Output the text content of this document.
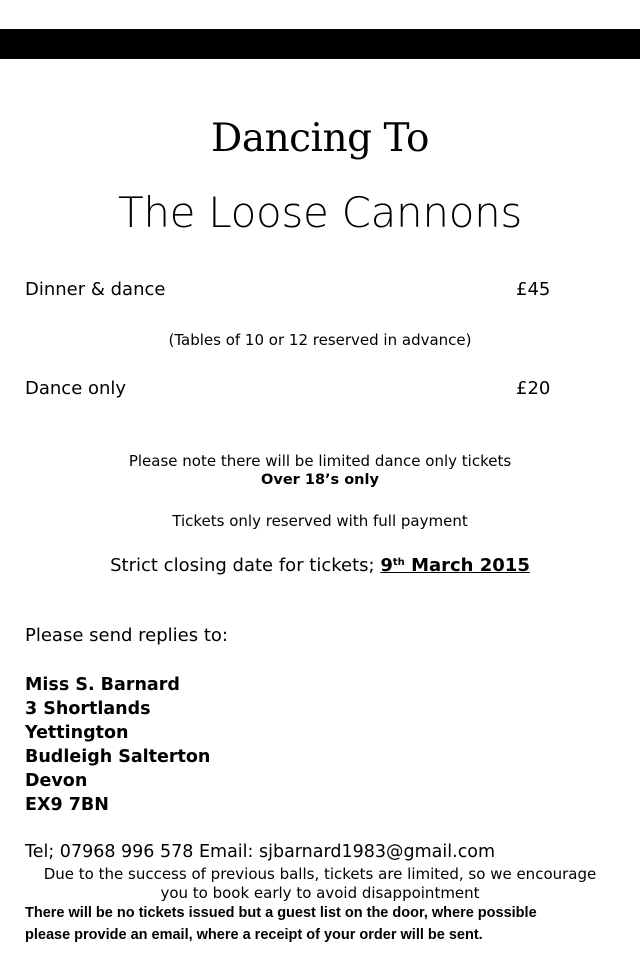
Dancing To
The Loose Cannons
Dinner & dance	£45
(Tables of 10 or 12 reserved in advance)
Dance only	£20
Please note there will be limited dance only tickets
Over 18’s only
Tickets only reserved with full payment
Strict closing date for tickets; 9th March 2015
Please send replies to:
Miss S. Barnard
3 Shortlands
Yettington
Budleigh Salterton
Devon
EX9 7BN
Tel; 07968 996 578 Email: sjbarnard1983@gmail.com
Due to the success of previous balls, tickets are limited, so we encourage
you to book early to avoid disappointment
There will be no tickets issued but a guest list on the door, where possible
please provide an email, where a receipt of your order will be sent.
